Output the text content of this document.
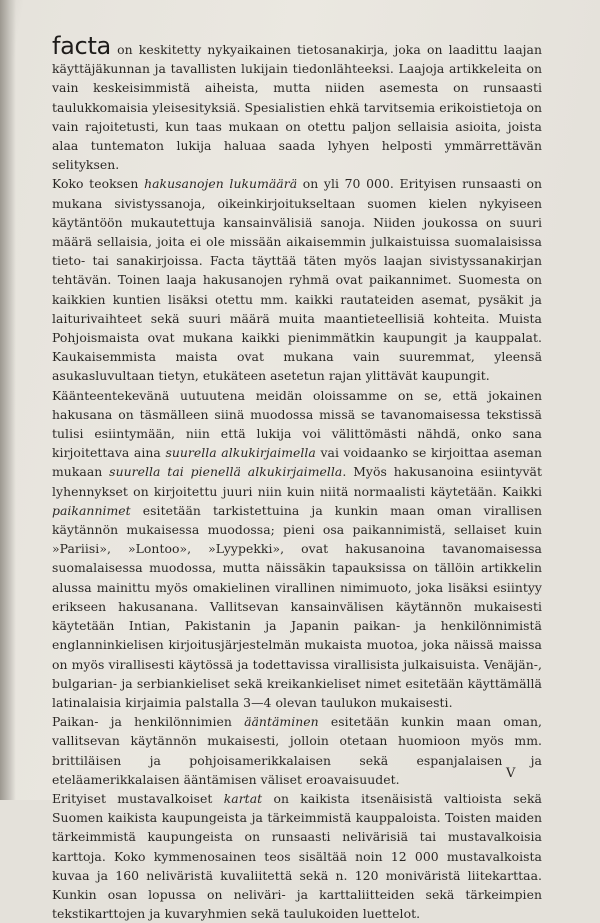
facta on keskitetty nykyaikainen tietosanakirja, joka on laadittu laajan käyttäjäkunnan ja tavallisten lukijain tiedonlähteeksi. Laajoja artikkeleita on vain keskeisimmistä aiheista, mutta niiden asemesta on runsaasti taulukkomaisia yleisesityksiä. Spesialistien ehkä tarvitsemia erikoistietoja on vain rajoitetusti, kun taas mukaan on otettu paljon sellaisia asioita, joista alaa tuntematon lukija haluaa saada lyhyen helposti ymmärrettävän selityksen.

Koko teoksen hakusanojen lukumäärä on yli 70 000. Erityisen runsaasti on mukana sivistyssanoja, oikeinkirjoitukseltaan suomen kielen nykyiseen käytäntöön mukautettuja kansainvälisiä sanoja. Niiden joukossa on suuri määrä sellaisia, joita ei ole missään aikaisemmin julkaistuissa suomalaisissa tieto- tai sanakirjoissa. Facta täyttää täten myös laajan sivistyssanakirjan tehtävän. Toinen laaja hakusanojen ryhmä ovat paikannimet. Suomesta on kaikkien kuntien lisäksi otettu mm. kaikki rautateiden asemat, pysäkit ja laiturivaihteet sekä suuri määrä muita maantieteellisiä kohteita. Muista Pohjoismaista ovat mukana kaikki pienimmätkin kaupungit ja kauppalat. Kaukaisemmista maista ovat mukana vain suuremmat, yleensä asukasluvultaan tietyn, etukäteen asetetun rajan ylittävät kaupungit.

Käänteentekevänä uutuutena meidän oloissamme on se, että jokainen hakusana on täsmälleen siinä muodossa missä se tavanomaisessa tekstissä tulisi esiintymään, niin että lukija voi välittömästi nähdä, onko sana kirjoitettava aina suurella alkukirjaimella vai voidaanko se kirjoittaa aseman mukaan suurella tai pienellä alkukirjaimella. Myös hakusanoina esiintyvät lyhennykset on kirjoitettu juuri niin kuin niitä normaalisti käytetään. Kaikki paikannimet esitetään tarkistettuina ja kunkin maan oman virallisen käytännön mukaisessa muodossa; pieni osa paikannimistä, sellaiset kuin »Pariisi», »Lontoo», »Lyypekki», ovat hakusanoina tavanomaisessa suomalaisessa muodossa, mutta näissäkin tapauksissa on tällöin artikkelin alussa mainittu myös omakielinen virallinen nimimuoto, joka lisäksi esiintyy erikseen hakusanana. Vallitsevan kansainvälisen käytännön mukaisesti käytetään Intian, Pakistanin ja Japanin paikan- ja henkilönnimistä englanninkielisen kirjoitusjärjestelmän mukaista muotoa, joka näissä maissa on myös virallisesti käytössä ja todettavissa virallisista julkaisuista. Venäjän-, bulgarian- ja serbiankieliset sekä kreikankieliset nimet esitetään käyttämällä latinalaisia kirjaimia palstalla 3—4 olevan taulukon mukaisesti.

Paikan- ja henkilönnimien ääntäminen esitetään kunkin maan oman, vallitsevan käytännön mukaisesti, jolloin otetaan huomioon myös mm. brittiläisen ja pohjoisamerikkalaisen sekä espanjalaisen ja eteläamerikkalaisen ääntämisen väliset eroavaisuudet.

Erityiset mustavalkoiset kartat on kaikista itsenäisistä valtioista sekä Suomen kaikista kaupungeista ja tärkeimmistä kauppaloista. Toisten maiden tärkeimmistä kaupungeista on runsaasti nelivärisiä tai mustavalkoisia karttoja. Koko kymmenosainen teos sisältää noin 12 000 mustavalkoista kuvaa ja 160 neliväristä kuvaliitettä sekä n. 120 moniväristä liitekarttaa. Kunkin osan lopussa on neliväri- ja karttaliitteiden sekä tärkeimpien tekstikarttojen ja kuvaryhmien sekä taulukoiden luettelot.

V
